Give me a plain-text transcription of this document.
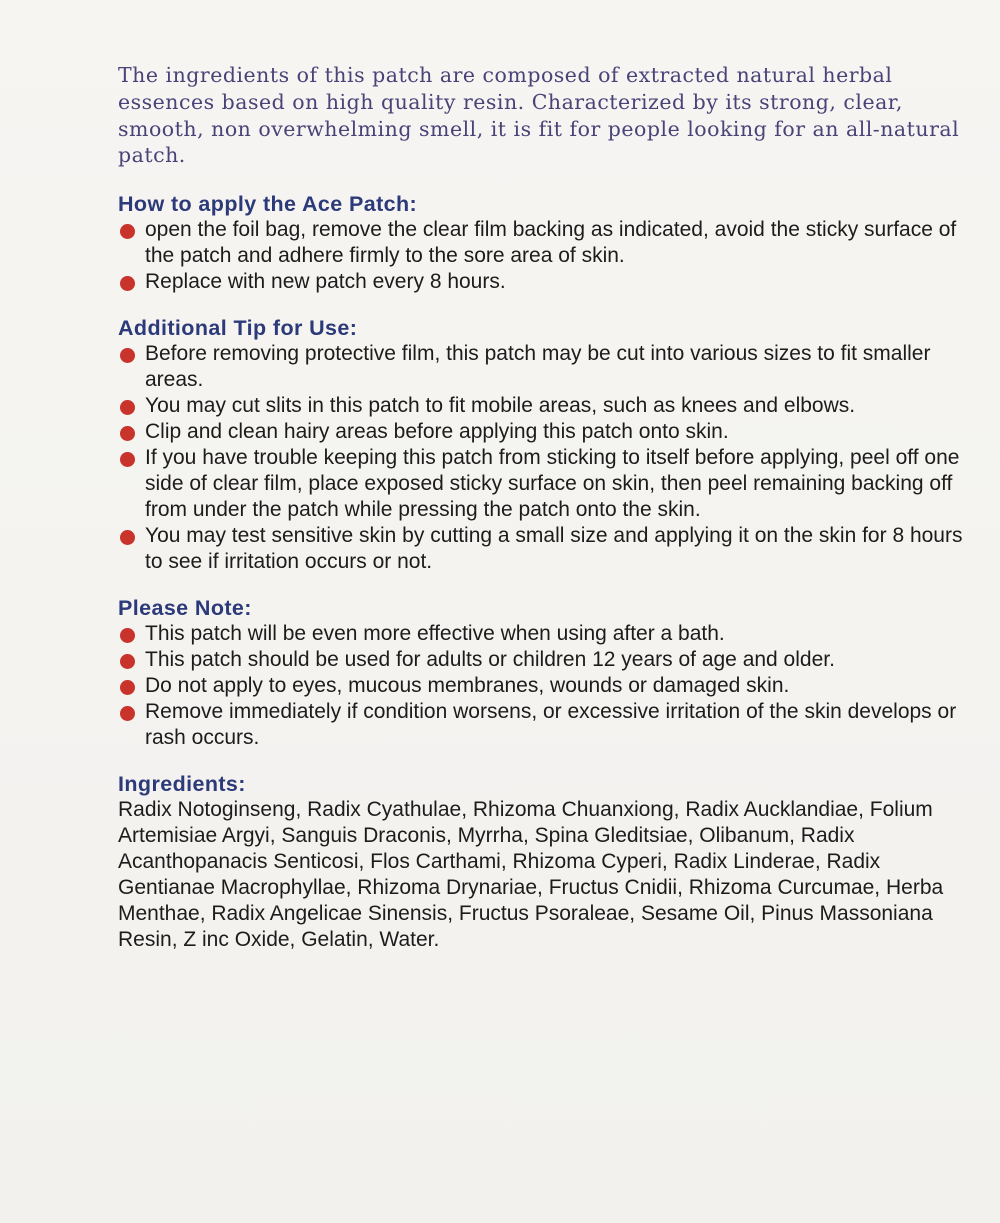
The ingredients of this patch are composed of extracted natural herbal essences based on high quality resin. Characterized by its strong, clear, smooth, non overwhelming smell, it is fit for people looking for an all-natural patch.

How to apply the Ace Patch:
open the foil bag, remove the clear film backing as indicated, avoid the sticky surface of the patch and adhere firmly to the sore area of skin.
Replace with new patch every 8 hours.
Additional Tip for Use:
Before removing protective film, this patch may be cut into various sizes to fit smaller areas.
You may cut slits in this patch to fit mobile areas, such as knees and elbows.
Clip and clean hairy areas before applying this patch onto skin.
If you have trouble keeping this patch from sticking to itself before applying, peel off one side of clear film, place exposed sticky surface on skin, then peel remaining backing off from under the patch while pressing the patch onto the skin.
You may test sensitive skin by cutting a small size and applying it on the skin for 8 hours to see if irritation occurs or not.
Please Note:
This patch will be even more effective when using after a bath.
This patch should be used for adults or children 12 years of age and older.
Do not apply to eyes, mucous membranes, wounds or damaged skin.
Remove immediately if condition worsens, or excessive irritation of the skin develops or rash occurs.
Ingredients:

Radix Notoginseng, Radix Cyathulae, Rhizoma Chuanxiong, Radix Aucklandiae, Folium Artemisiae Argyi, Sanguis Draconis, Myrrha, Spina Gleditsiae, Olibanum, Radix Acanthopanacis Senticosi, Flos Carthami, Rhizoma Cyperi, Radix Linderae, Radix Gentianae Macrophyllae, Rhizoma Drynariae, Fructus Cnidii, Rhizoma Curcumae, Herba Menthae, Radix Angelicae Sinensis, Fructus Psoraleae, Sesame Oil, Pinus Massoniana Resin, Z inc Oxide, Gelatin, Water.
